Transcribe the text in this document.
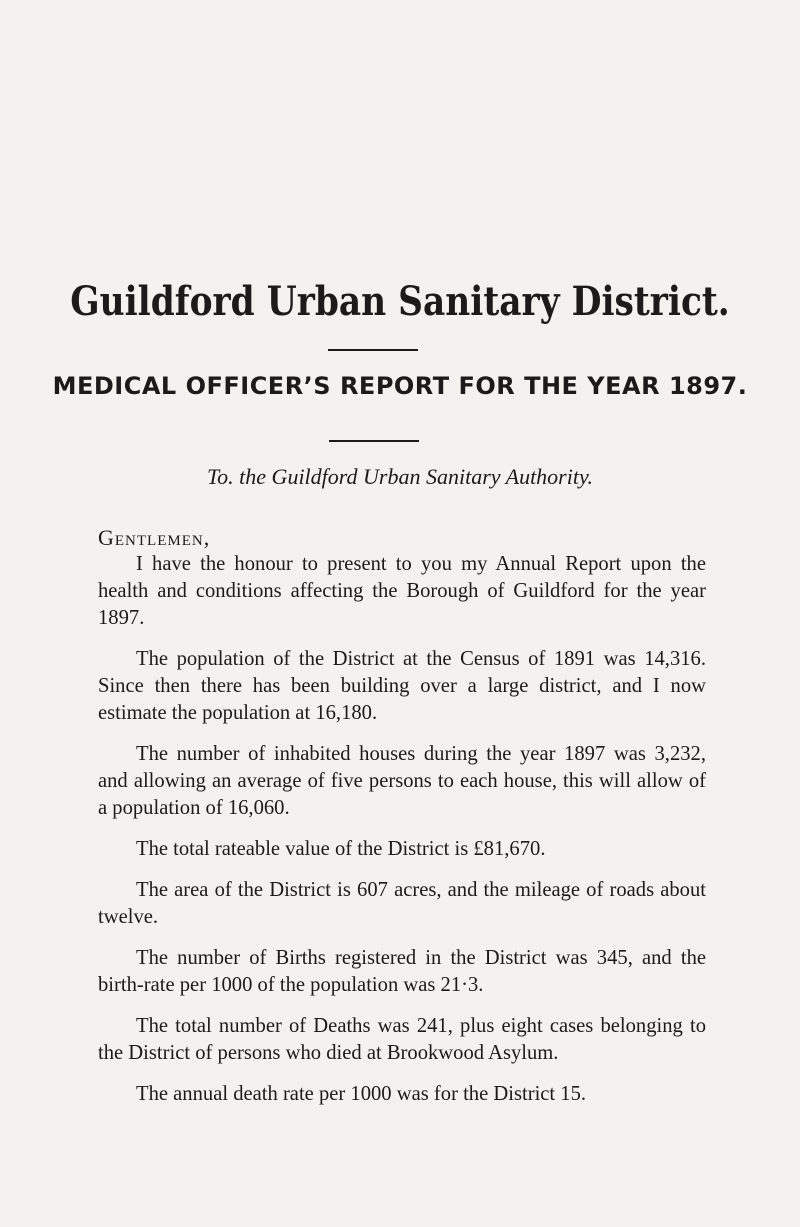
Guildford Urban Sanitary District.
MEDICAL OFFICER’S REPORT FOR THE YEAR 1897.

To. the Guildford Urban Sanitary Authority.

Gentlemen,

I have the honour to present to you my Annual Report upon the health and conditions affecting the Borough of Guildford for the year 1897.

The population of the District at the Census of 1891 was 14,316. Since then there has been building over a large district, and I now estimate the population at 16,180.

The number of inhabited houses during the year 1897 was 3,232, and allowing an average of five persons to each house, this will allow of a population of 16,060.

The total rateable value of the District is £81,670.

The area of the District is 607 acres, and the mileage of roads about twelve.

The number of Births registered in the District was 345, and the birth-rate per 1000 of the population was 21·3.

The total number of Deaths was 241, plus eight cases belonging to the District of persons who died at Brookwood Asylum.

The annual death rate per 1000 was for the District 15.
